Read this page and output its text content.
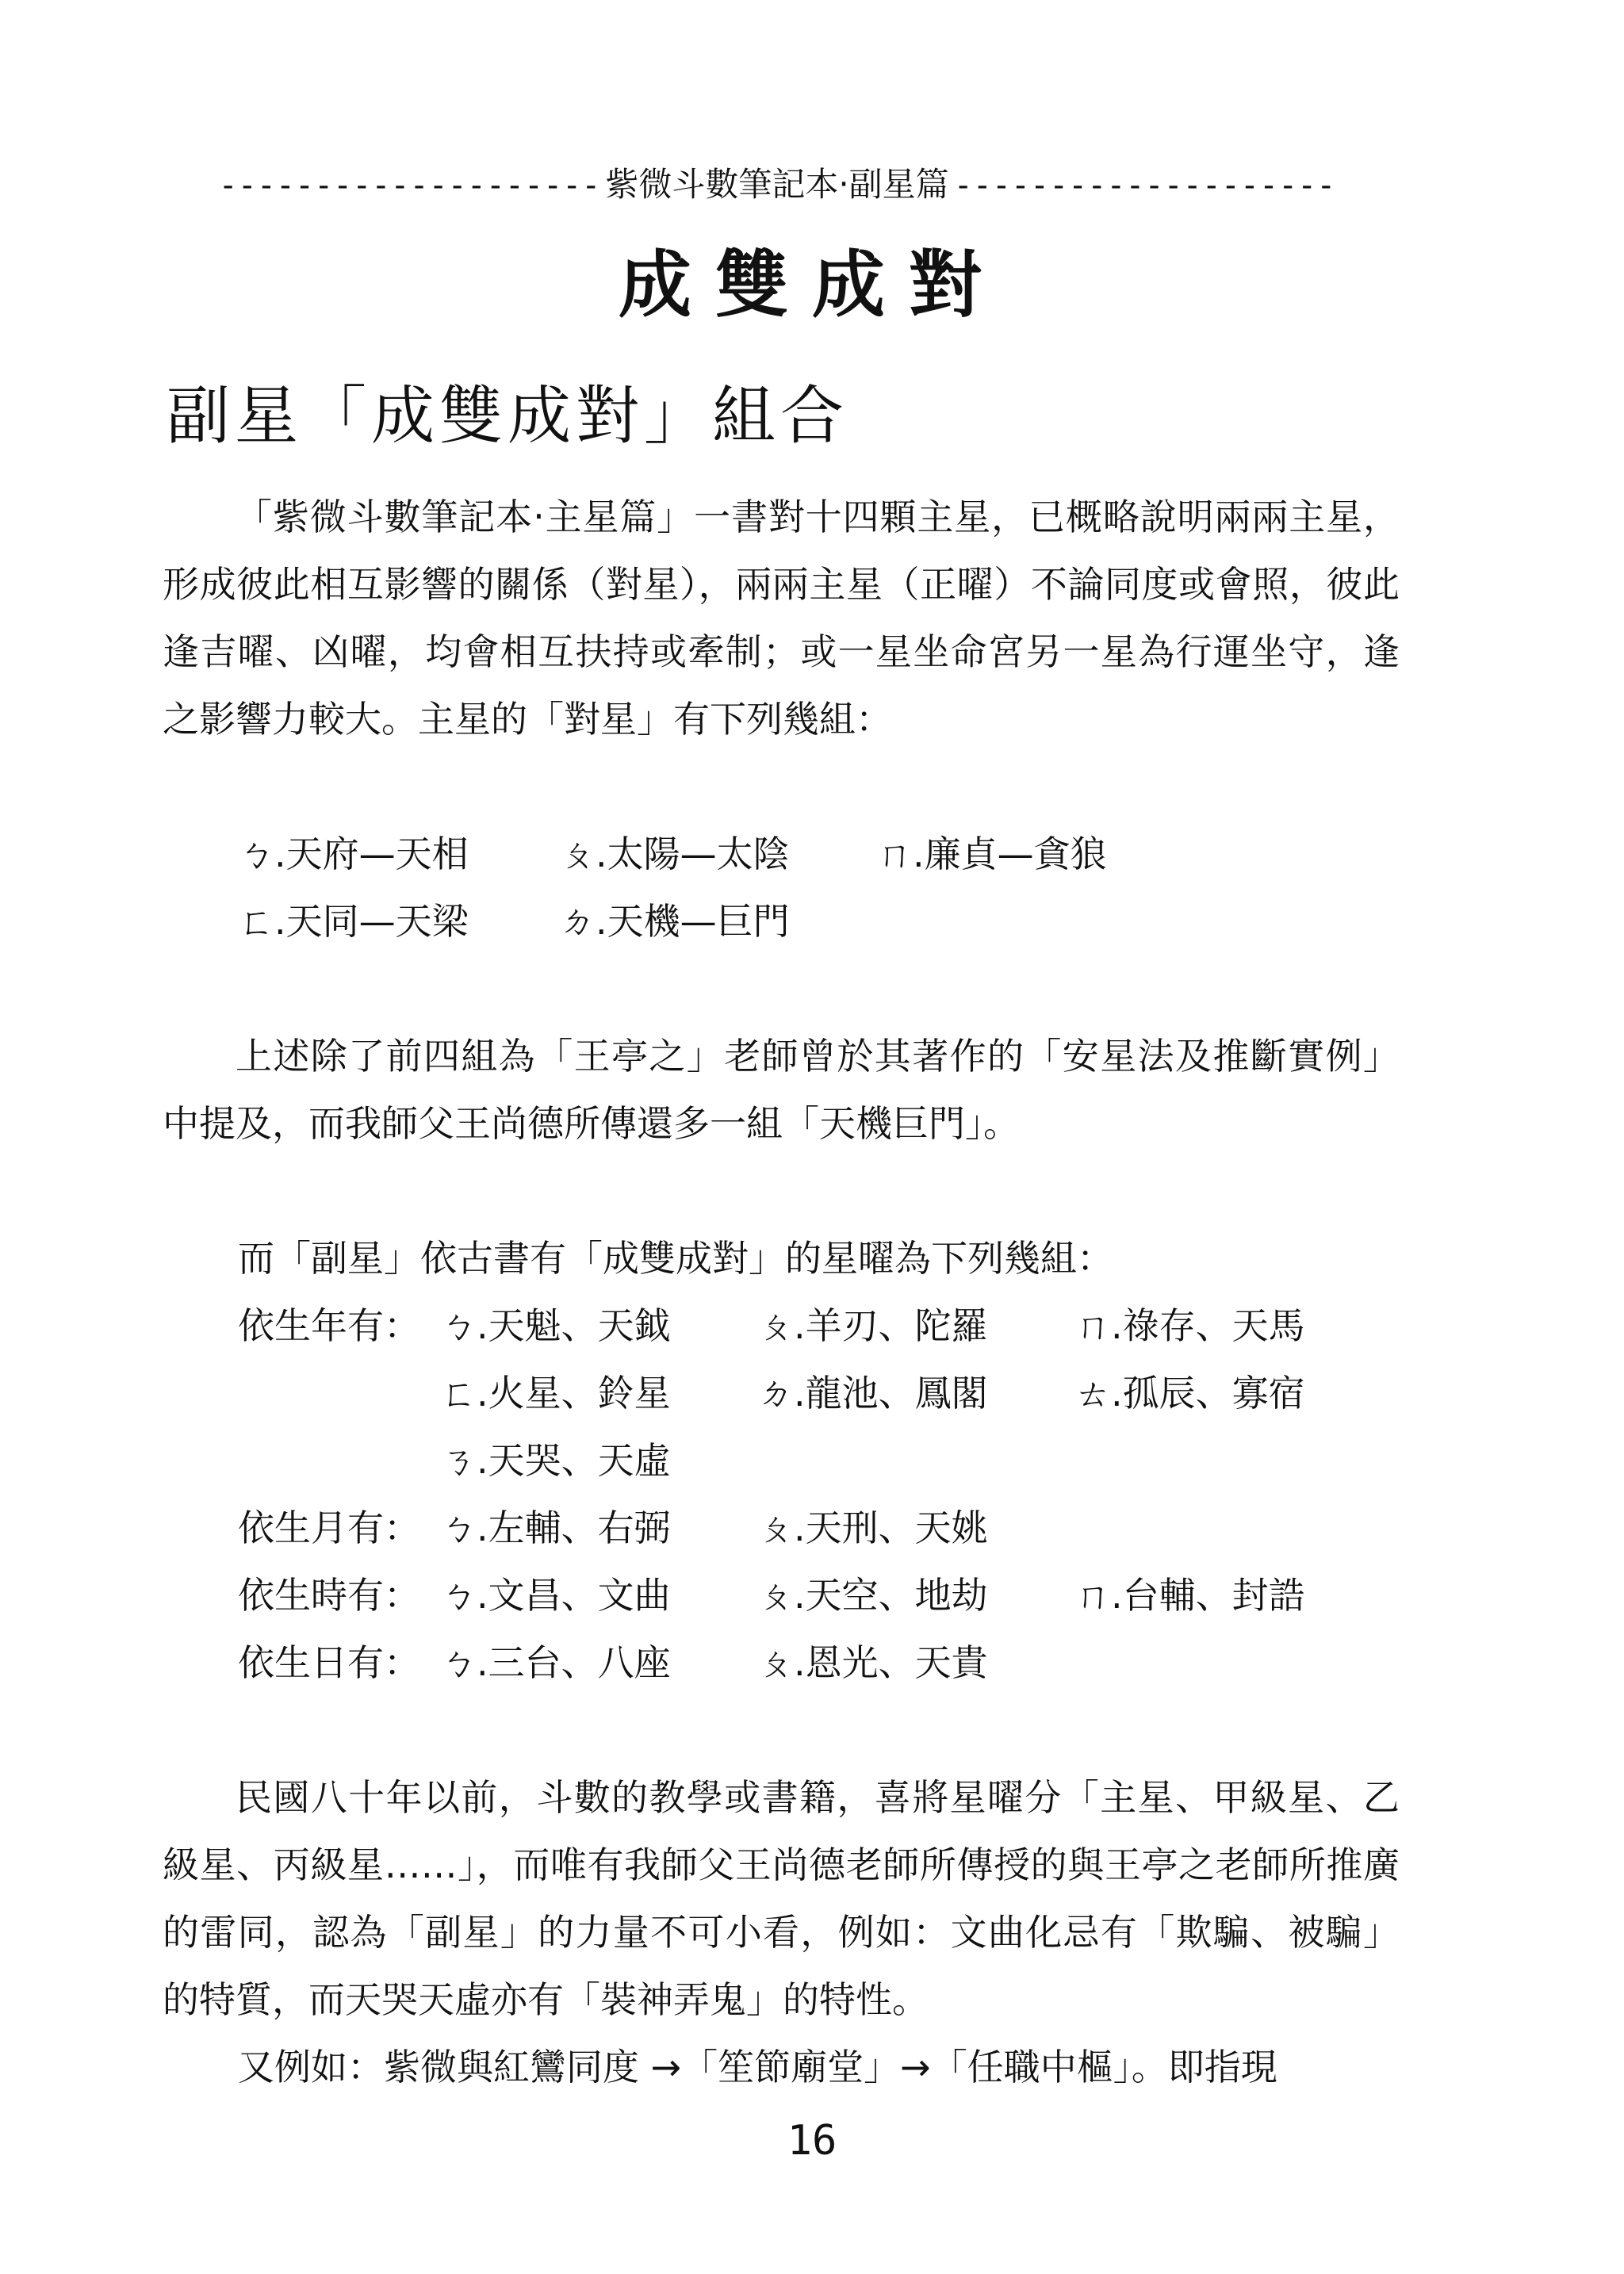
-------------------- 紫微斗數筆記本‧副星篇 --------------------
成雙成對
副星「成雙成對」組合
「紫微斗數筆記本‧主星篇」一書對十四顆主星，已概略說明兩兩主星，形成彼此相互影響的關係（對星），兩兩主星（正曜）不論同度或會照，彼此逢吉曜、凶曜，均會相互扶持或牽制；或一星坐命宮另一星為行運坐守，逢之影響力較大。主星的「對星」有下列幾組：
ㄅ.天府—天相 ㄆ.太陽—太陰 ㄇ.廉貞—貪狼
ㄈ.天同—天梁 ㄉ.天機—巨門
上述除了前四組為「王亭之」老師曾於其著作的「安星法及推斷實例」中提及，而我師父王尚德所傳還多一組「天機巨門」。
而「副星」依古書有「成雙成對」的星曜為下列幾組：
依生年有： ㄅ.天魁、天鉞 ㄆ.羊刃、陀羅 ㄇ.祿存、天馬
ㄈ.火星、鈴星 ㄉ.龍池、鳳閣 ㄊ.孤辰、寡宿
ㄋ.天哭、天虛
依生月有： ㄅ.左輔、右弼 ㄆ.天刑、天姚
依生時有： ㄅ.文昌、文曲 ㄆ.天空、地劫 ㄇ.台輔、封誥
依生日有： ㄅ.三台、八座 ㄆ.恩光、天貴
民國八十年以前，斗數的教學或書籍，喜將星曜分「主星、甲級星、乙級星、丙級星……」，而唯有我師父王尚德老師所傳授的與王亭之老師所推廣的雷同，認為「副星」的力量不可小看，例如：文曲化忌有「欺騙、被騙」的特質，而天哭天虛亦有「裝神弄鬼」的特性。
又例如：紫微與紅鸞同度 →「笙節廟堂」→「任職中樞」。即指現
16
